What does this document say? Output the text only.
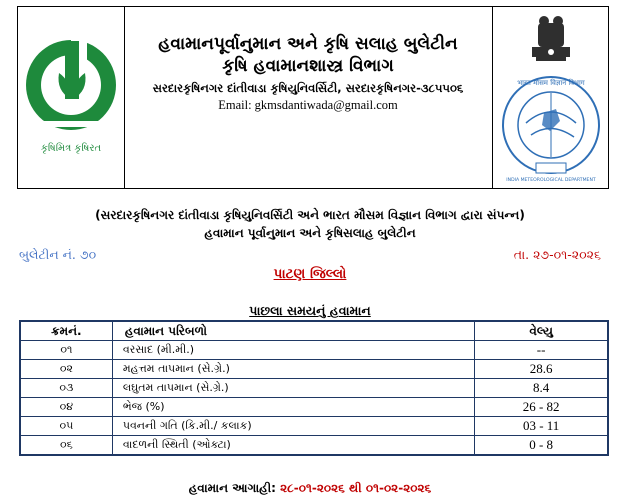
કૃષિમિત્ર કૃષિરત
હવામાનપૂર્વાનુમાન અને કૃષિ સલાહ બુલેટીન
કૃષિ હવામાનશાસ્ત્ર વિભાગ
સરદારકૃષિનગર દાંતીવાડા કૃષિયુનિવર્સિટી, સરદારકૃષિનગર-૩૮૫૫૦૬
Email: gkmsdantiwada@gmail.com
भारत मौसम विज्ञान विभाग
INDIA METEOROLOGICAL DEPARTMENT
(સરદારકૃષિનગર દાંતીવાડા કૃષિયુનિવર્સિટી અને ભારત મૌસમ વિજ્ઞાન વિભાગ દ્વારા સંપન્ન)
હવામાન પૂર્વાનુમાન અને કૃષિસલાહ બુલેટીન
બુલેટીન નં. ૭૦	તા. ૨૭-૦૧-૨૦૨૬
પાટણ જિલ્લો
પાછલા સમયનું હવામાન
ક્રમનં.	હવામાન પરિબળો	વેલ્યુ
૦૧	વરસાદ (મી.મી.)	--
૦૨	મહત્તમ તાપમાન (સે.ગ્રે.)	28.6
૦૩	લઘુતમ તાપમાન (સે.ગ્રે.)	8.4
૦૪	ભેજ (%)	26 - 82
૦૫	પવનની ગતિ (કિ.મી./ કલાક)	03 - 11
૦૬	વાદળની સ્થિતી (ઓક્ટા)	0 - 8
હવામાન આગાહી: ૨૮-૦૧-૨૦૨૬ થી ૦૧-૦૨-૨૦૨૬
